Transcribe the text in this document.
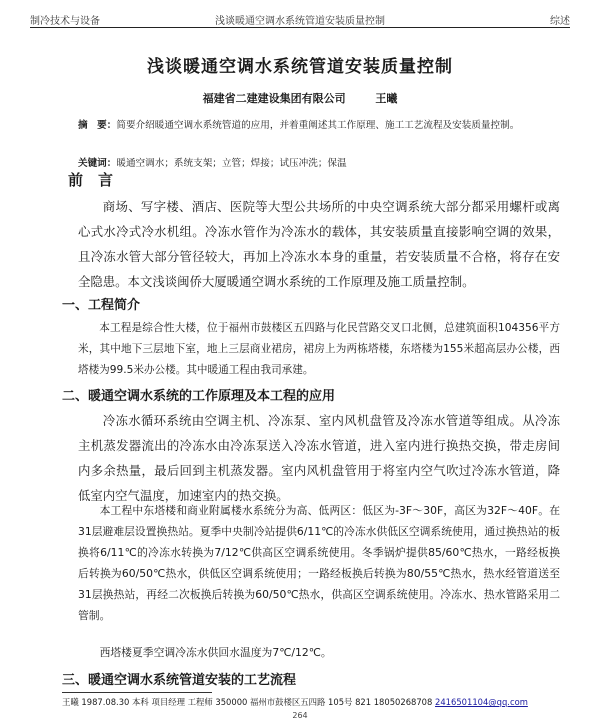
制冷技术与设备	浅谈暖通空调水系统管道安装质量控制	综述
浅谈暖通空调水系统管道安装质量控制
福建省二建建设集团有限公司	王曦
摘　要：简要介绍暖通空调水系统管道的应用，并着重阐述其工作原理、施工工艺流程及安装质量控制。
关键词：暖通空调水；系统支架；立管；焊接；试压冲洗；保温
前　言
商场、写字楼、酒店、医院等大型公共场所的中央空调系统大部分都采用螺杆或离心式水冷式冷水机组。冷冻水管作为冷冻水的载体，其安装质量直接影响空调的效果，且冷冻水管大部分管径较大，再加上冷冻水本身的重量，若安装质量不合格，将存在安全隐患。本文浅谈闽侨大厦暖通空调水系统的工作原理及施工质量控制。
一、工程简介
本工程是综合性大楼，位于福州市鼓楼区五四路与化民营路交叉口北侧，总建筑面积104356平方米，其中地下三层地下室，地上三层商业裙房，裙房上为两栋塔楼，东塔楼为155米超高层办公楼，西塔楼为99.5米办公楼。其中暖通工程由我司承建。
二、暖通空调水系统的工作原理及本工程的应用
冷冻水循环系统由空调主机、冷冻泵、室内风机盘管及冷冻水管道等组成。从冷冻主机蒸发器流出的冷冻水由冷冻泵送入冷冻水管道，进入室内进行换热交换，带走房间内多余热量，最后回到主机蒸发器。室内风机盘管用于将室内空气吹过冷冻水管道，降低室内空气温度，加速室内的热交换。
本工程中东塔楼和商业附属楼水系统分为高、低两区：低区为-3F～30F，高区为32F～40F。在31层避难层设置换热站。夏季中央制冷站提供6/11℃的冷冻水供低区空调系统使用，通过换热站的板换将6/11℃的冷冻水转换为7/12℃供高区空调系统使用。冬季锅炉提供85/60℃热水，一路经板换后转换为60/50℃热水，供低区空调系统使用；一路经板换后转换为80/55℃热水，热水经管道送至31层换热站，再经二次板换后转换为60/50℃热水，供高区空调系统使用。冷冻水、热水管路采用二管制。
西塔楼夏季空调冷冻水供回水温度为7℃/12℃。
三、暖通空调水系统管道安装的工艺流程
王曦 1987.08.30 本科 项目经理 工程师 350000 福州市鼓楼区五四路 105号 821 18050268708 2416501104@qq.com
264
